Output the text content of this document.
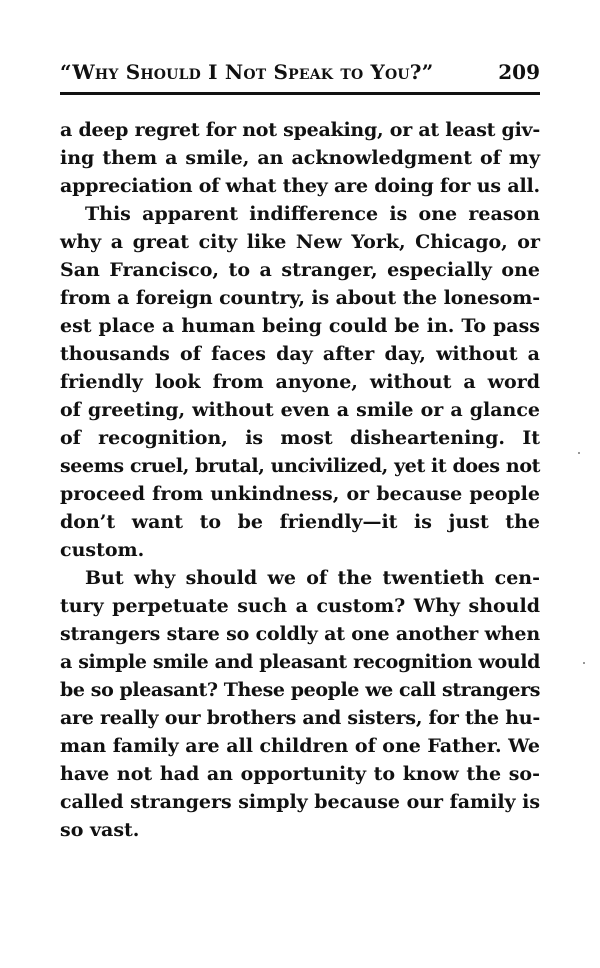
“Why Should I Not Speak to You?”	209

a deep regret for not speaking, or at least giv-
ing them a smile, an acknowledgment of my
appreciation of what they are doing for us all.

This apparent indifference is one reason
why a great city like New York, Chicago, or
San Francisco, to a stranger, especially one
from a foreign country, is about the lonesom-
est place a human being could be in. To pass
thousands of faces day after day, without a
friendly look from anyone, without a word
of greeting, without even a smile or a glance
of recognition, is most disheartening. It
seems cruel, brutal, uncivilized, yet it does not
proceed from unkindness, or because people
don’t want to be friendly—it is just the
custom.

But why should we of the twentieth cen-
tury perpetuate such a custom? Why should
strangers stare so coldly at one another when
a simple smile and pleasant recognition would
be so pleasant? These people we call strangers
are really our brothers and sisters, for the hu-
man family are all children of one Father. We
have not had an opportunity to know the so-
called strangers simply because our family is
so vast.
